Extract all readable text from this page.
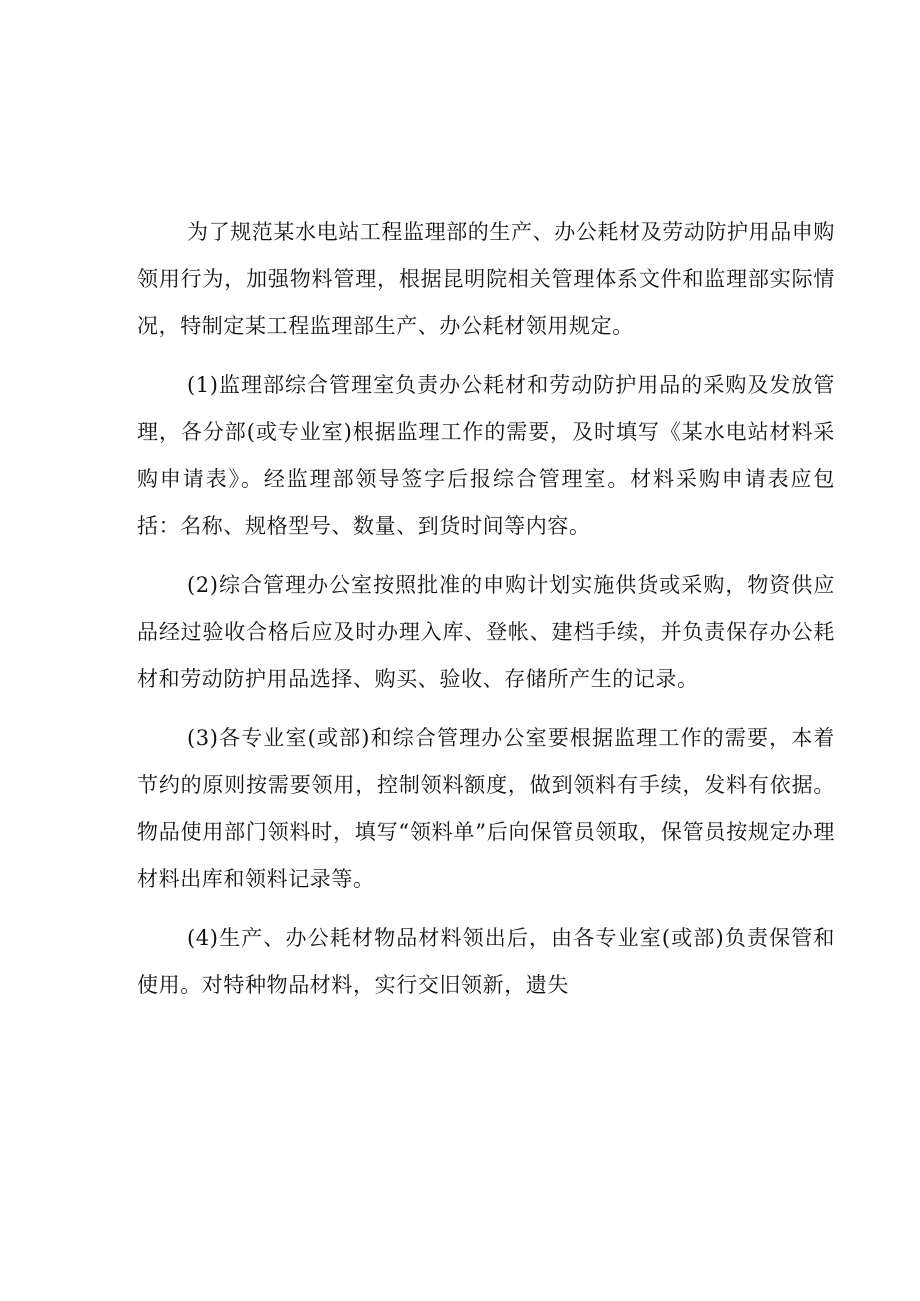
为了规范某水电站工程监理部的生产、办公耗材及劳动防护用品申购领用行为，加强物料管理，根据昆明院相关管理体系文件和监理部实际情况，特制定某工程监理部生产、办公耗材领用规定。

(1)监理部综合管理室负责办公耗材和劳动防护用品的采购及发放管理，各分部(或专业室)根据监理工作的需要，及时填写《某水电站材料采购申请表》。经监理部领导签字后报综合管理室。材料采购申请表应包括：名称、规格型号、数量、到货时间等内容。

(2)综合管理办公室按照批准的申购计划实施供货或采购，物资供应品经过验收合格后应及时办理入库、登帐、建档手续，并负责保存办公耗材和劳动防护用品选择、购买、验收、存储所产生的记录。

(3)各专业室(或部)和综合管理办公室要根据监理工作的需要，本着节约的原则按需要领用，控制领料额度，做到领料有手续，发料有依据。物品使用部门领料时，填写“领料单”后向保管员领取，保管员按规定办理材料出库和领料记录等。

(4)生产、办公耗材物品材料领出后，由各专业室(或部)负责保管和使用。对特种物品材料，实行交旧领新，遗失
